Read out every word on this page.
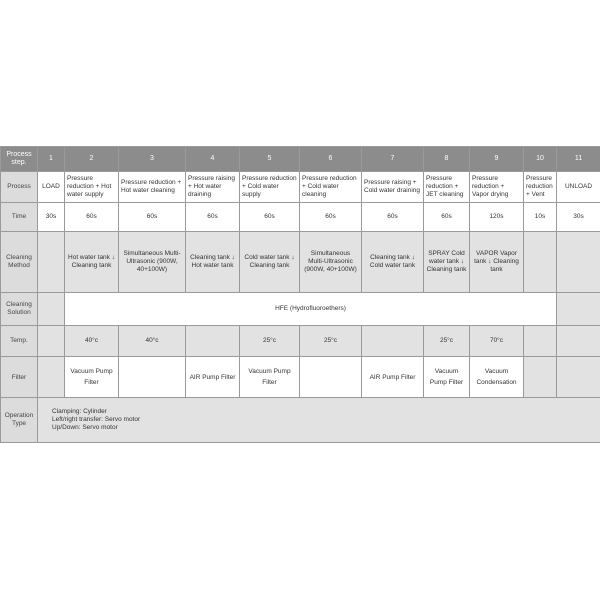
Process step.	1	2	3	4	5	6	7	8	9	10	11
Process	LOAD	Pressure reduction + Hot water supply	Pressure reduction + Hot water cleaning	Pressure raising + Hot water draining	Pressure reduction + Cold water supply	Pressure reduction + Cold water cleaning	Pressure raising + Cold water draining	Pressure reduction + JET cleaning	Pressure reduction + Vapor drying	Pressure reduction + Vent	UNLOAD
Time	30s	60s	60s	60s	60s	60s	60s	60s	120s	10s	30s
Cleaning Method		Hot water tank ↓ Cleaning tank	Simultaneous Multi-Ultrasonic (900W, 40+100W)	Cleaning tank ↓ Hot water tank	Cold water tank ↓ Cleaning tank	Simultaneous Multi-Ultrasonic (900W, 40+100W)	Cleaning tank ↓ Cold water tank	SPRAY Cold water tank ↓ Cleaning tank	VAPOR Vapor tank ↓ Cleaning tank		
Cleaning Solution		HFE (Hydrofluoroethers)									
Temp.		40°c	40°c		25°c	25°c		25°c	70°c		
Filter		Vacuum Pump Filter		AIR Pump Filter	Vacuum Pump Filter		AIR Pump Filter	Vacuum Pump Filter	Vacuum Condensation		
Operation Type	Clamping: Cylinder
Left/right transfer: Servo motor
Up/Down: Servo motor										
